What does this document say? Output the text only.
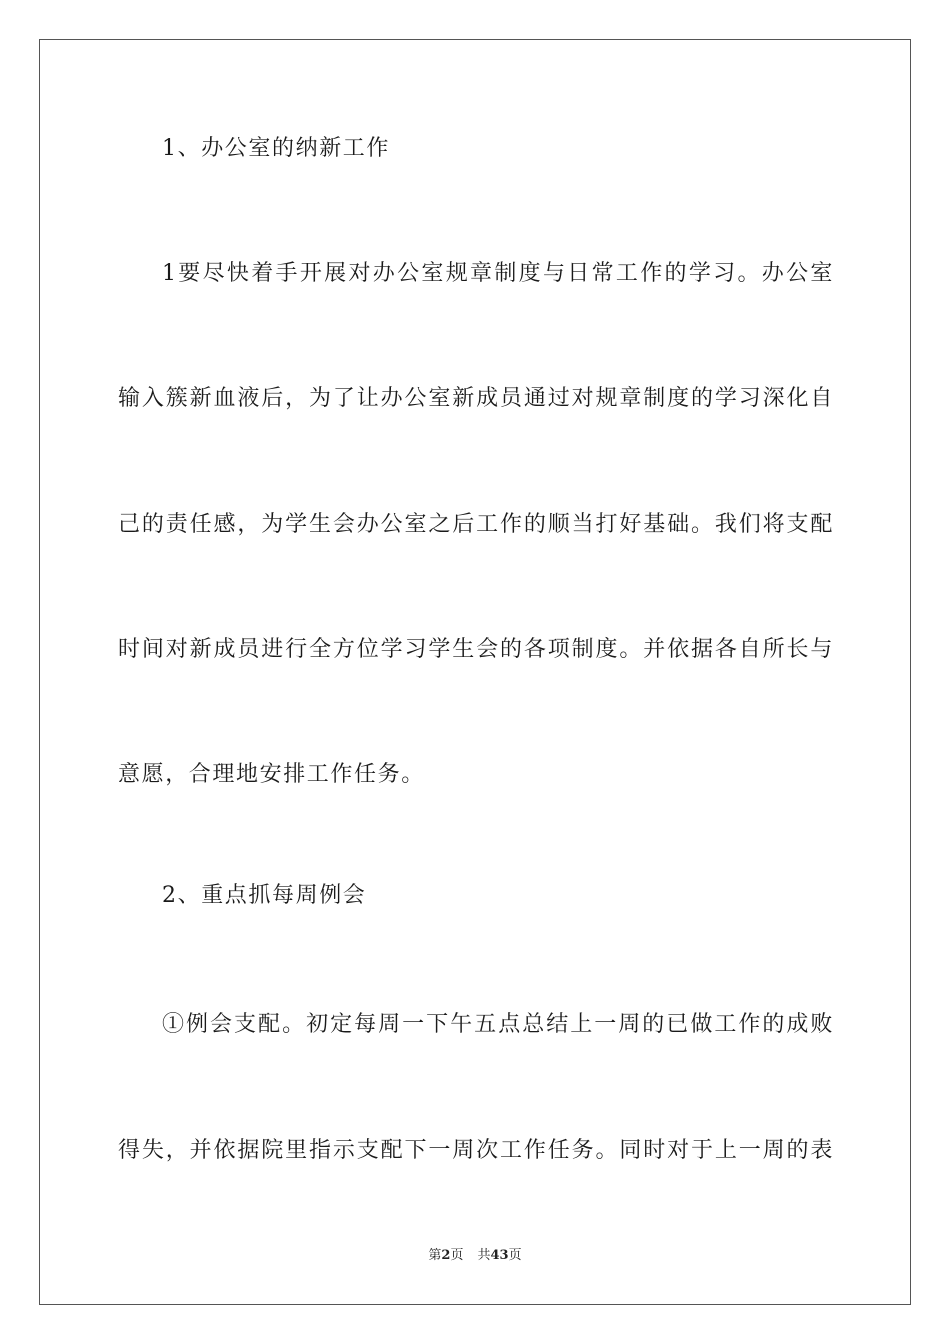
1、办公室的纳新工作
1要尽快着手开展对办公室规章制度与日常工作的学习。办公室
输入簇新血液后，为了让办公室新成员通过对规章制度的学习深化自
己的责任感，为学生会办公室之后工作的顺当打好基础。我们将支配
时间对新成员进行全方位学习学生会的各项制度。并依据各自所长与
意愿，合理地安排工作任务。
2、重点抓每周例会
①例会支配。初定每周一下午五点总结上一周的已做工作的成败
得失，并依据院里指示支配下一周次工作任务。同时对于上一周的表
第2页 共43页
